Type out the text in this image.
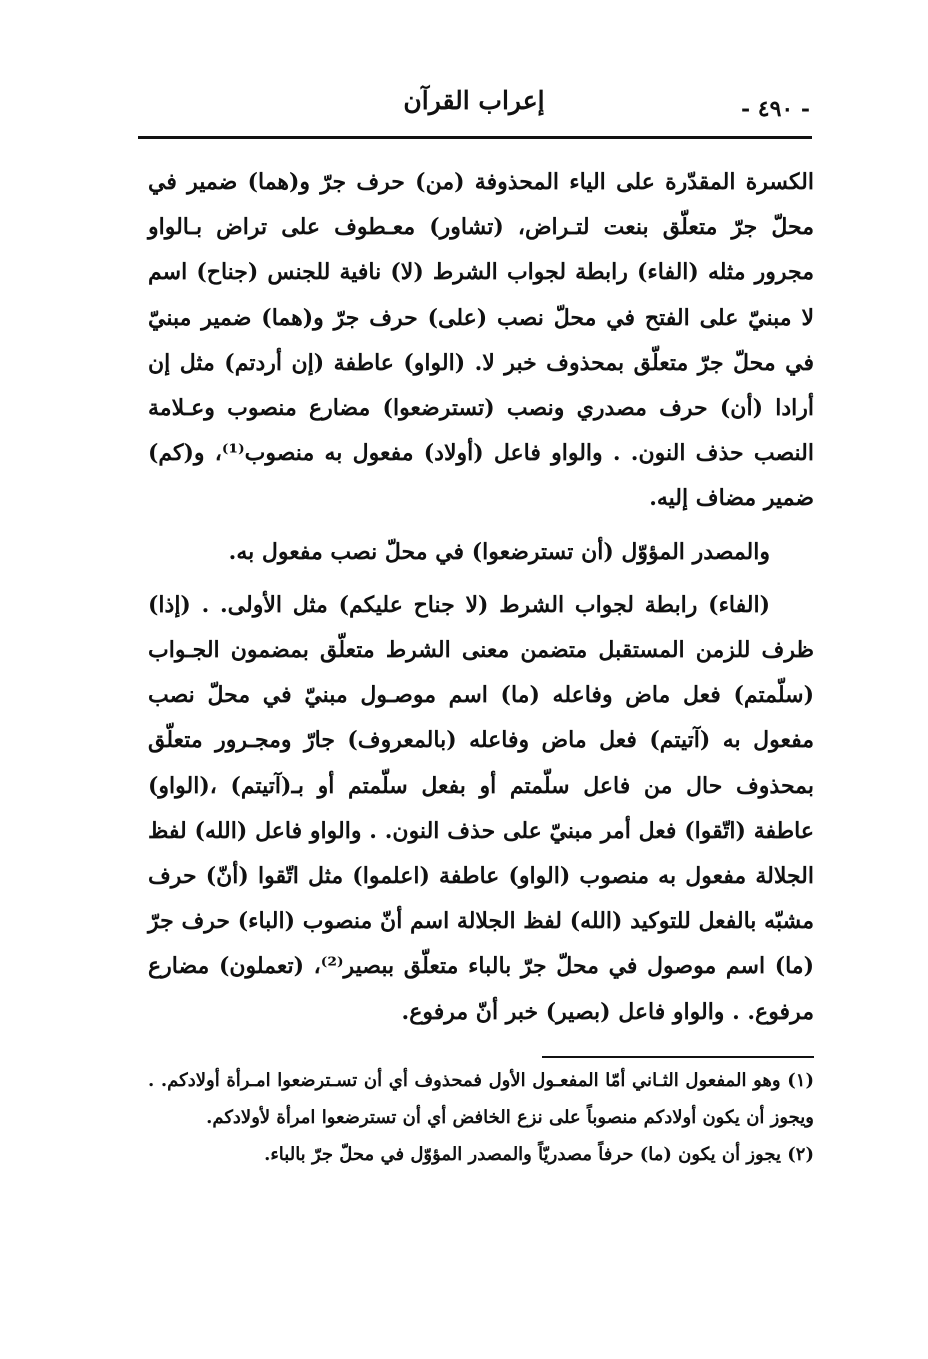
إعراب القرآن	- ٤٩٠ -

الكسرة المقدّرة على الياء المحذوفة (من) حرف جرّ و(هما) ضمير في محلّ جرّ متعلّق بنعت لتـراض، (تشاور) معـطوف على تراض بـالواو مجرور مثله (الفاء) رابطة لجواب الشرط (لا) نافية للجنس (جناح) اسم لا مبنيّ على الفتح في محلّ نصب (على) حرف جرّ و(هما) ضمير مبنيّ في محلّ جرّ متعلّق بمحذوف خبر لا. (الواو) عاطفة (إن أردتم) مثل إن أرادا (أن) حرف مصدري ونصب (تسترضعوا) مضارع منصوب وعـلامة النصب حذف النون. . والواو فاعل (أولاد) مفعول به منصوب⁽¹⁾، و(كم) ضمير مضاف إليه.

والمصدر المؤوّل (أن تسترضعوا) في محلّ نصب مفعول به.

(الفاء) رابطة لجواب الشرط (لا جناح عليكم) مثل الأولى. . (إذا) ظرف للزمن المستقبل متضمن معنى الشرط متعلّق بمضمون الجـواب (سلّمتم) فعل ماض وفاعله (ما) اسم موصـول مبنيّ في محلّ نصب مفعول به (آتيتم) فعل ماض وفاعله (بالمعروف) جارّ ومجـرور متعلّق بمحذوف حال من فاعل سلّمتم أو بفعل سلّمتم أو بـ(آتيتم) ،(الواو) عاطفة (اتّقوا) فعل أمر مبنيّ على حذف النون. . والواو فاعل (الله) لفظ الجلالة مفعول به منصوب (الواو) عاطفة (اعلموا) مثل اتّقوا (أنّ) حرف مشبّه بالفعل للتوكيد (الله) لفظ الجلالة اسم أنّ منصوب (الباء) حرف جرّ (ما) اسم موصول في محلّ جرّ بالباء متعلّق ببصير⁽²⁾، (تعملون) مضارع مرفوع. . والواو فاعل (بصير) خبر أنّ مرفوع.

(١) وهو المفعول الثـاني أمّا المفعـول الأول فمحذوف أي أن تسـترضعوا امـرأة أولادكم. . ويجوز أن يكون أولادكم منصوباً على نزع الخافض أي أن تسترضعوا امرأة لأولادكم.

(٢) يجوز أن يكون (ما) حرفاً مصدريّاً والمصدر المؤوّل في محلّ جرّ بالباء.
